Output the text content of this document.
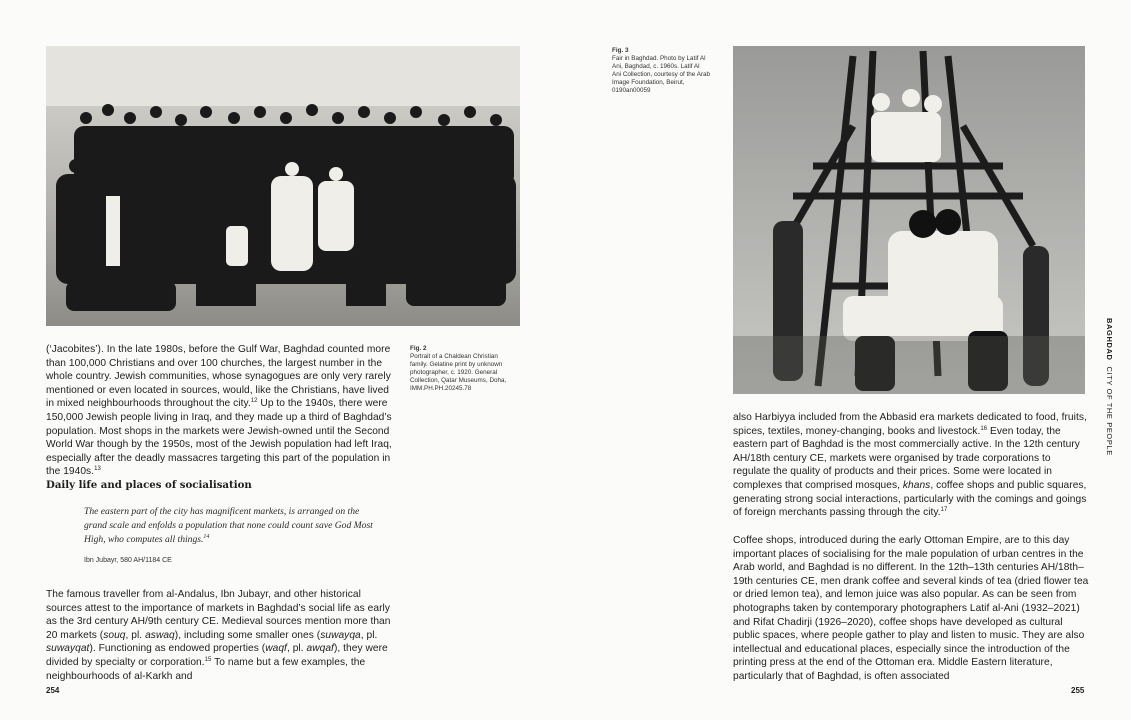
(‘Jacobites’). In the late 1980s, before the Gulf War, Baghdad counted more than 100,000 Christians and over 100 churches, the largest number in the whole country. Jewish communities, whose synagogues are only very rarely mentioned or even located in sources, would, like the Christians, have lived in mixed neighbourhoods throughout the city.$^{12}$ Up to the 1940s, there were 150,000 Jewish people living in Iraq, and they made up a third of Baghdad’s population. Most shops in the markets were Jewish-owned until the Second World War though by the 1950s, most of the Jewish population had left Iraq, especially after the deadly massacres targeting this part of the population in the 1940s.$^{13}$

Daily life and places of socialisation

The eastern part of the city has magnificent markets, is arranged on the grand scale and enfolds a population that none could count save God Most High, who computes all things.$^{14}$

Ibn Jubayr, 580 AH/1184 CE

The famous traveller from al-Andalus, Ibn Jubayr, and other historical sources attest to the importance of markets in Baghdad’s social life as early as the 3rd century AH/9th century CE. Medieval sources mention more than 20 markets (souq, pl. aswaq), including some smaller ones (suwayqa, pl. suwayqat). Functioning as endowed properties (waqf, pl. awqaf), they were divided by specialty or corporation.$^{15}$ To name but a few examples, the neighbourhoods of al-Karkh and

Fig. 2
Portrait of a Chaldean Christian family. Gelatine print by unknown photographer, c. 1920. General Collection, Qatar Museums, Doha, IMM.PH.PH.20245.78
254
Fig. 3
Fair in Baghdad. Photo by Latif Al Ani, Baghdad, c. 1960s. Latif Al Ani Collection, courtesy of the Arab Image Foundation, Beirut, 0190an00059
BAGHDADCITY OF THE PEOPLE

also Harbiyya included from the Abbasid era markets dedicated to food, fruits, spices, textiles, money-changing, books and livestock.$^{16}$ Even today, the eastern part of Baghdad is the most commercially active. In the 12th century AH/18th century CE, markets were organised by trade corporations to regulate the quality of products and their prices. Some were located in complexes that comprised mosques, khans, coffee shops and public squares, generating strong social interactions, particularly with the comings and goings of foreign merchants passing through the city.$^{17}$

Coffee shops, introduced during the early Ottoman Empire, are to this day important places of socialising for the male population of urban centres in the Arab world, and Baghdad is no different. In the 12th–13th centuries AH/18th–19th centuries CE, men drank coffee and several kinds of tea (dried flower tea or dried lemon tea), and lemon juice was also popular. As can be seen from photographs taken by contemporary photographers Latif al-Ani (1932–2021) and Rifat Chadirji (1926–2020), coffee shops have developed as cultural public spaces, where people gather to play and listen to music. They are also intellectual and educational places, especially since the introduction of the printing press at the end of the Ottoman era. Middle Eastern literature, particularly that of Baghdad, is often associated

255
